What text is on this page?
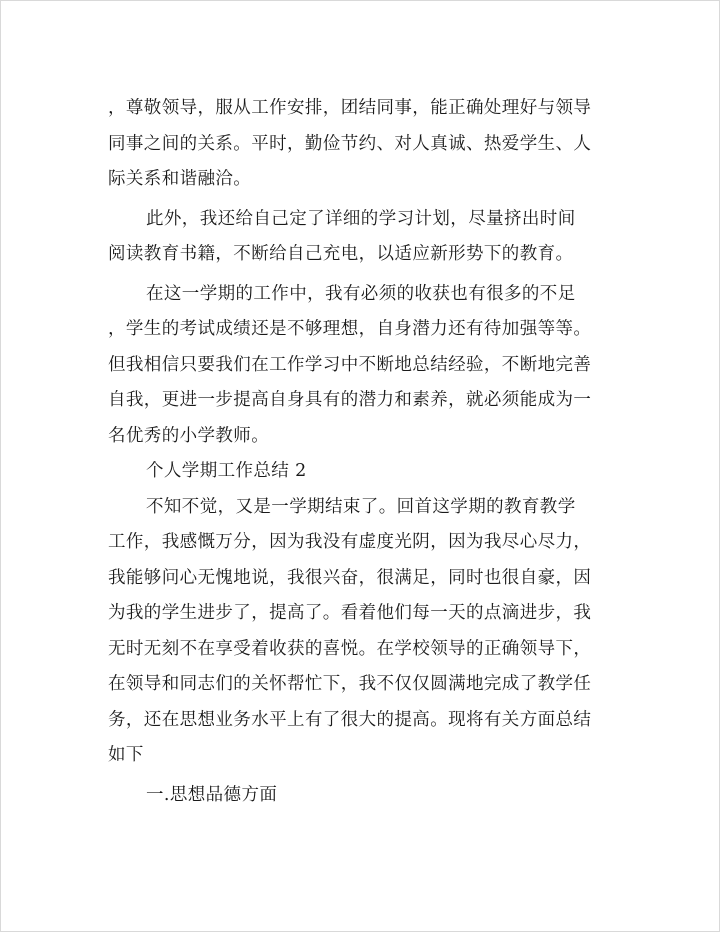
，尊敬领导，服从工作安排，团结同事，能正确处理好与领导
同事之间的关系。平时，勤俭节约、对人真诚、热爱学生、人
际关系和谐融洽。
此外，我还给自己定了详细的学习计划，尽量挤出时间
阅读教育书籍，不断给自己充电，以适应新形势下的教育。
在这一学期的工作中，我有必须的收获也有很多的不足
，学生的考试成绩还是不够理想，自身潜力还有待加强等等。
但我相信只要我们在工作学习中不断地总结经验，不断地完善
自我，更进一步提高自身具有的潜力和素养，就必须能成为一
名优秀的小学教师。
个人学期工作总结 2
不知不觉，又是一学期结束了。回首这学期的教育教学
工作，我感慨万分，因为我没有虚度光阴，因为我尽心尽力，
我能够问心无愧地说，我很兴奋，很满足，同时也很自豪，因
为我的学生进步了，提高了。看着他们每一天的点滴进步，我
无时无刻不在享受着收获的喜悦。在学校领导的正确领导下，
在领导和同志们的关怀帮忙下，我不仅仅圆满地完成了教学任
务，还在思想业务水平上有了很大的提高。现将有关方面总结
如下
一.思想品德方面
